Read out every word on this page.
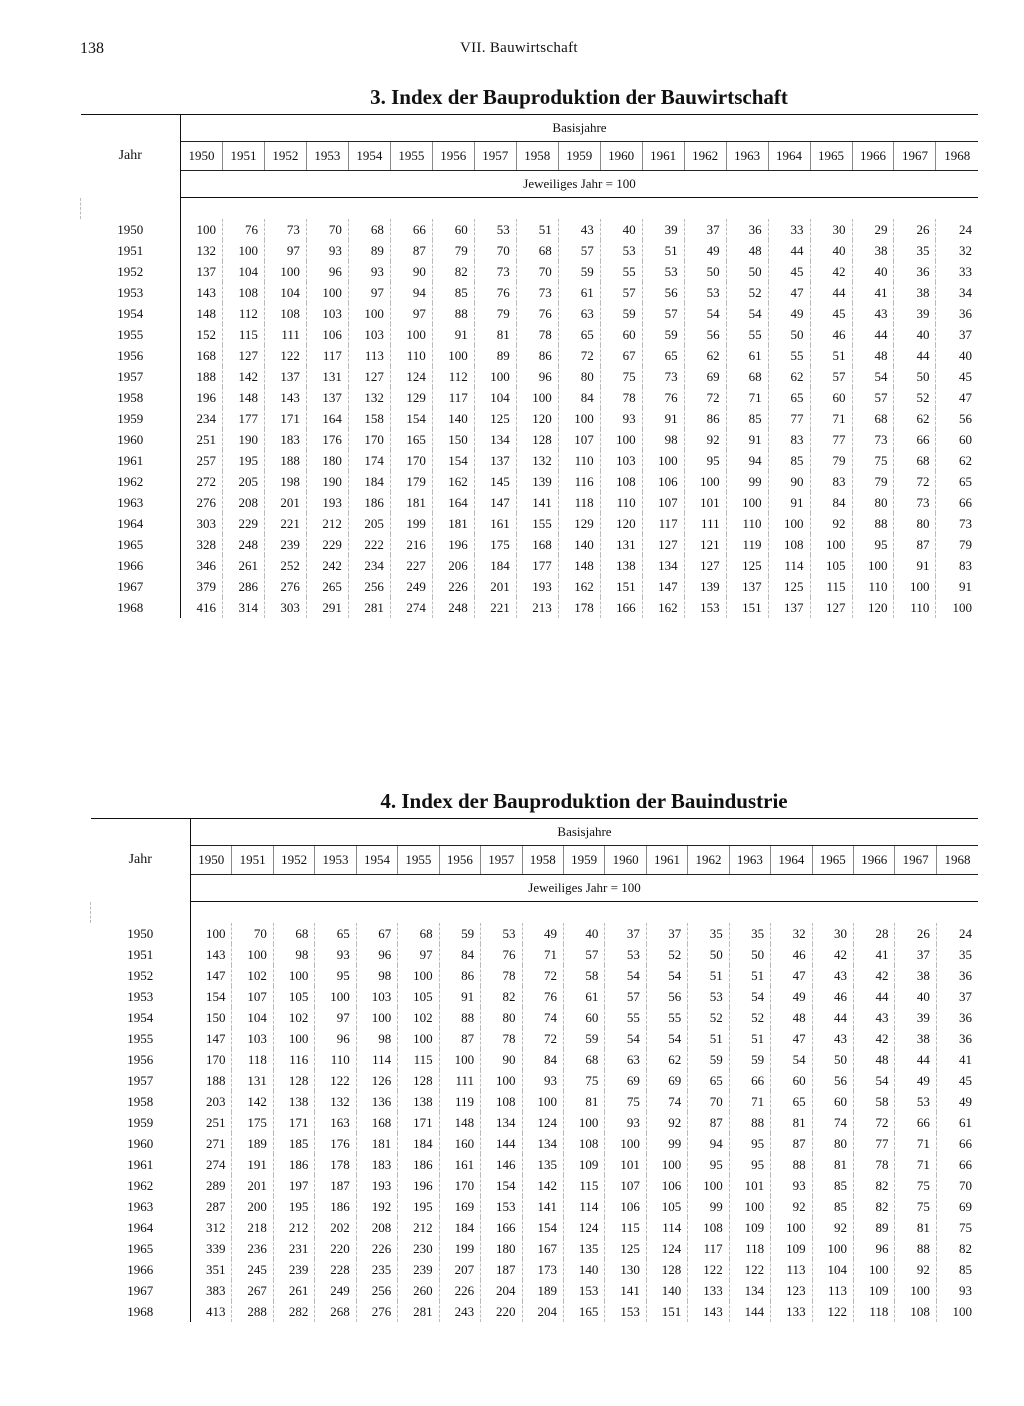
138	VII. Bauwirtschaft
3. Index der Bauproduktion der Bauwirtschaft
Jahr	Basisjahre																		
	1950	1951	1952	1953	1954	1955	1956	1957	1958	1959	1960	1961	1962	1963	1964	1965	1966	1967	1968
	Jeweiliges Jahr = 100																		

1950	100	76	73	70	68	66	60	53	51	43	40	39	37	36	33	30	29	26	24
1951	132	100	97	93	89	87	79	70	68	57	53	51	49	48	44	40	38	35	32
1952	137	104	100	96	93	90	82	73	70	59	55	53	50	50	45	42	40	36	33
1953	143	108	104	100	97	94	85	76	73	61	57	56	53	52	47	44	41	38	34
1954	148	112	108	103	100	97	88	79	76	63	59	57	54	54	49	45	43	39	36
1955	152	115	111	106	103	100	91	81	78	65	60	59	56	55	50	46	44	40	37
1956	168	127	122	117	113	110	100	89	86	72	67	65	62	61	55	51	48	44	40
1957	188	142	137	131	127	124	112	100	96	80	75	73	69	68	62	57	54	50	45
1958	196	148	143	137	132	129	117	104	100	84	78	76	72	71	65	60	57	52	47
1959	234	177	171	164	158	154	140	125	120	100	93	91	86	85	77	71	68	62	56
1960	251	190	183	176	170	165	150	134	128	107	100	98	92	91	83	77	73	66	60
1961	257	195	188	180	174	170	154	137	132	110	103	100	95	94	85	79	75	68	62
1962	272	205	198	190	184	179	162	145	139	116	108	106	100	99	90	83	79	72	65
1963	276	208	201	193	186	181	164	147	141	118	110	107	101	100	91	84	80	73	66
1964	303	229	221	212	205	199	181	161	155	129	120	117	111	110	100	92	88	80	73
1965	328	248	239	229	222	216	196	175	168	140	131	127	121	119	108	100	95	87	79
1966	346	261	252	242	234	227	206	184	177	148	138	134	127	125	114	105	100	91	83
1967	379	286	276	265	256	249	226	201	193	162	151	147	139	137	125	115	110	100	91
1968	416	314	303	291	281	274	248	221	213	178	166	162	153	151	137	127	120	110	100
4. Index der Bauproduktion der Bauindustrie
Jahr	Basisjahre																		
	1950	1951	1952	1953	1954	1955	1956	1957	1958	1959	1960	1961	1962	1963	1964	1965	1966	1967	1968
	Jeweiliges Jahr = 100																		

1950	100	70	68	65	67	68	59	53	49	40	37	37	35	35	32	30	28	26	24
1951	143	100	98	93	96	97	84	76	71	57	53	52	50	50	46	42	41	37	35
1952	147	102	100	95	98	100	86	78	72	58	54	54	51	51	47	43	42	38	36
1953	154	107	105	100	103	105	91	82	76	61	57	56	53	54	49	46	44	40	37
1954	150	104	102	97	100	102	88	80	74	60	55	55	52	52	48	44	43	39	36
1955	147	103	100	96	98	100	87	78	72	59	54	54	51	51	47	43	42	38	36
1956	170	118	116	110	114	115	100	90	84	68	63	62	59	59	54	50	48	44	41
1957	188	131	128	122	126	128	111	100	93	75	69	69	65	66	60	56	54	49	45
1958	203	142	138	132	136	138	119	108	100	81	75	74	70	71	65	60	58	53	49
1959	251	175	171	163	168	171	148	134	124	100	93	92	87	88	81	74	72	66	61
1960	271	189	185	176	181	184	160	144	134	108	100	99	94	95	87	80	77	71	66
1961	274	191	186	178	183	186	161	146	135	109	101	100	95	95	88	81	78	71	66
1962	289	201	197	187	193	196	170	154	142	115	107	106	100	101	93	85	82	75	70
1963	287	200	195	186	192	195	169	153	141	114	106	105	99	100	92	85	82	75	69
1964	312	218	212	202	208	212	184	166	154	124	115	114	108	109	100	92	89	81	75
1965	339	236	231	220	226	230	199	180	167	135	125	124	117	118	109	100	96	88	82
1966	351	245	239	228	235	239	207	187	173	140	130	128	122	122	113	104	100	92	85
1967	383	267	261	249	256	260	226	204	189	153	141	140	133	134	123	113	109	100	93
1968	413	288	282	268	276	281	243	220	204	165	153	151	143	144	133	122	118	108	100
